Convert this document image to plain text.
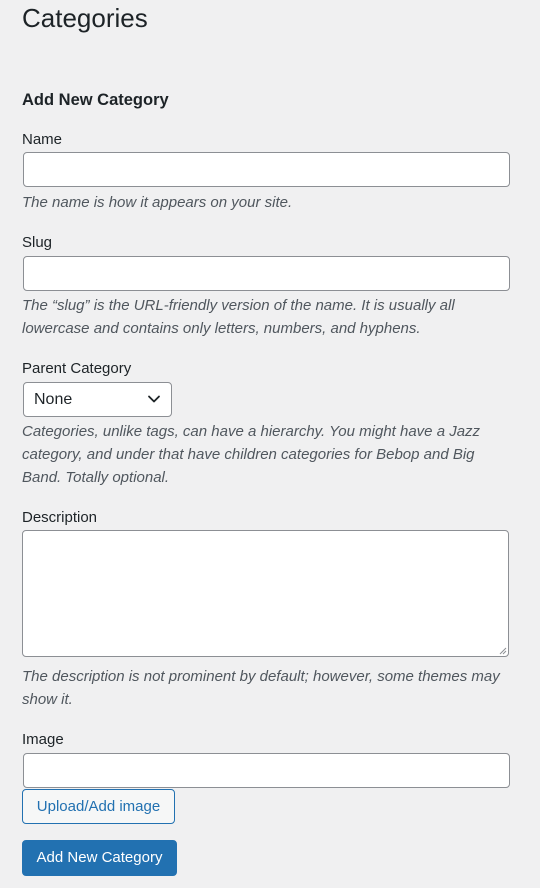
Categories
Add New Category
Name

The name is how it appears on your site.

Slug

The “slug” is the URL-friendly version of the name. It is usually all lowercase and contains only letters, numbers, and hyphens.

Parent Category
None

Categories, unlike tags, can have a hierarchy. You might have a Jazz category, and under that have children categories for Bebop and Big Band. Totally optional.

Description

The description is not prominent by default; however, some themes may show it.

Image
Upload/Add image
Add New Category
